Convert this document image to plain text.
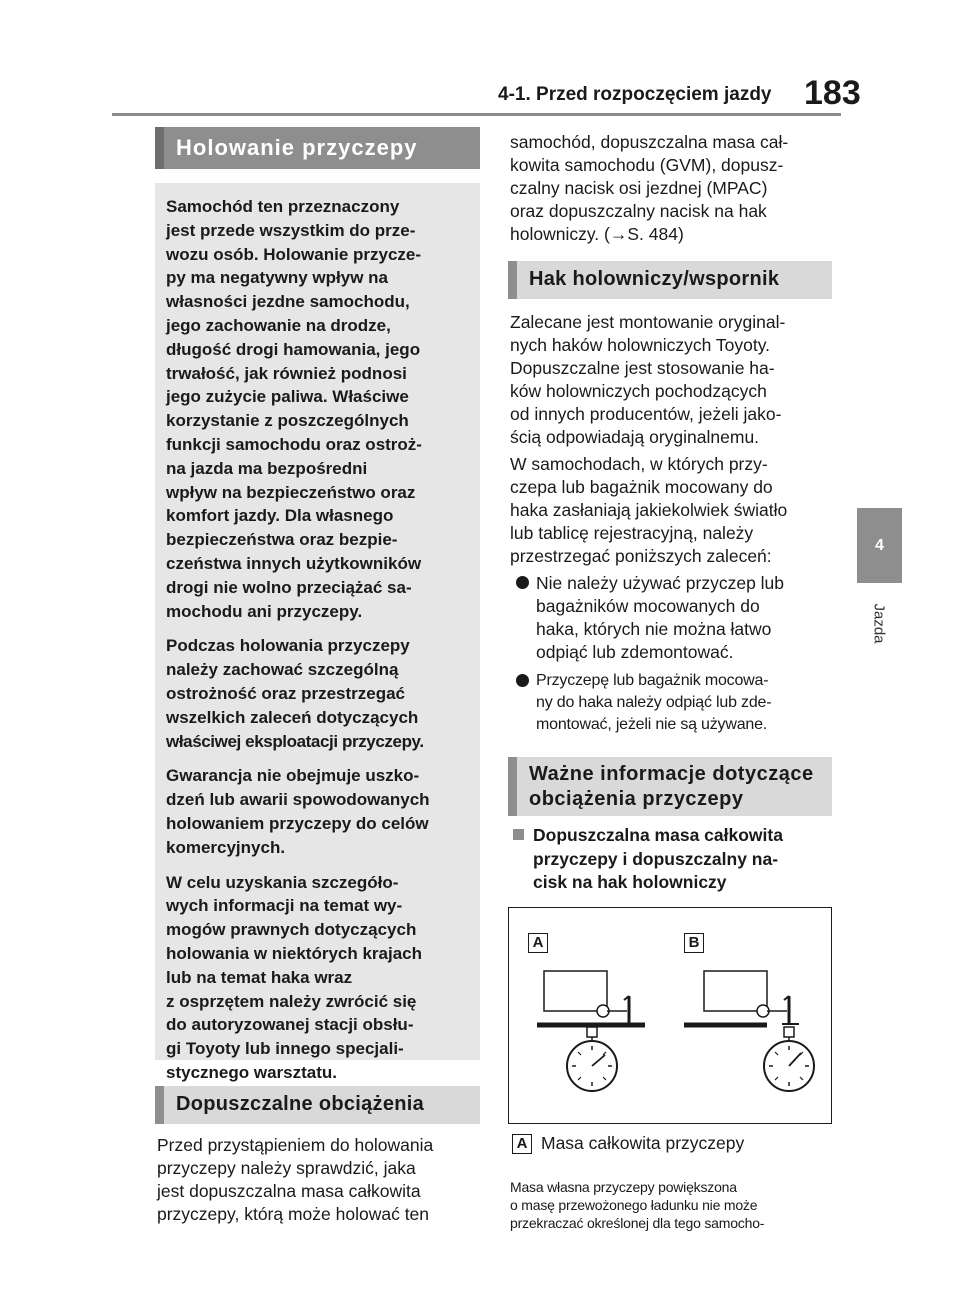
4-1. Przed rozpoczęciem jazdy 183
4
Jazda
Holowanie przyczepy

Samochód ten przeznaczony
jest przede wszystkim do prze-
wozu osób. Holowanie przycze-
py ma negatywny wpływ na
własności jezdne samochodu,
jego zachowanie na drodze,
długość drogi hamowania, jego
trwałość, jak również podnosi
jego zużycie paliwa. Właściwe
korzystanie z poszczególnych
funkcji samochodu oraz ostroż-
na jazda ma bezpośredni
wpływ na bezpieczeństwo oraz
komfort jazdy. Dla własnego
bezpieczeństwa oraz bezpie-
czeństwa innych użytkowników
drogi nie wolno przeciążać sa-
mochodu ani przyczepy.

Podczas holowania przyczepy
należy zachować szczególną
ostrożność oraz przestrzegać
wszelkich zaleceń dotyczących
właściwej eksploatacji przyczepy.

Gwarancja nie obejmuje uszko-
dzeń lub awarii spowodowanych
holowaniem przyczepy do celów
komercyjnych.

W celu uzyskania szczegóło-
wych informacji na temat wy-
mogów prawnych dotyczących
holowania w niektórych krajach
lub na temat haka wraz
z osprzętem należy zwrócić się
do autoryzowanej stacji obsłu-
gi Toyoty lub innego specjali-
stycznego warsztatu.

Dopuszczalne obciążenia

Przed przystąpieniem do holowania
przyczepy należy sprawdzić, jaka
jest dopuszczalna masa całkowita
przyczepy, którą może holować ten

samochód, dopuszczalna masa cał-
kowita samochodu (GVM), dopusz-
czalny nacisk osi jezdnej (MPAC)
oraz dopuszczalny nacisk na hak
holowniczy. (→S. 484)

Hak holowniczy/wspornik

Zalecane jest montowanie oryginal-
nych haków holowniczych Toyoty.
Dopuszczalne jest stosowanie ha-
ków holowniczych pochodzących
od innych producentów, jeżeli jako-
ścią odpowiadają oryginalnemu.

W samochodach, w których przy-
czepa lub bagażnik mocowany do
haka zasłaniają jakiekolwiek światło
lub tablicę rejestracyjną, należy
przestrzegać poniższych zaleceń:

Nie należy używać przyczep lub
bagażników mocowanych do
haka, których nie można łatwo
odpiąć lub zdemontować.
Przyczepę lub bagażnik mocowa-
ny do haka należy odpiąć lub zde-
montować, jeżeli nie są używane.
Ważne informacje dotyczące
obciążenia przyczepy
Dopuszczalna masa całkowita
przyczepy i dopuszczalny na-
cisk na hak holowniczy
A	B
A Masa całkowita przyczepy

Masa własna przyczepy powiększona
o masę przewożonego ładunku nie może
przekraczać określonej dla tego samocho-
